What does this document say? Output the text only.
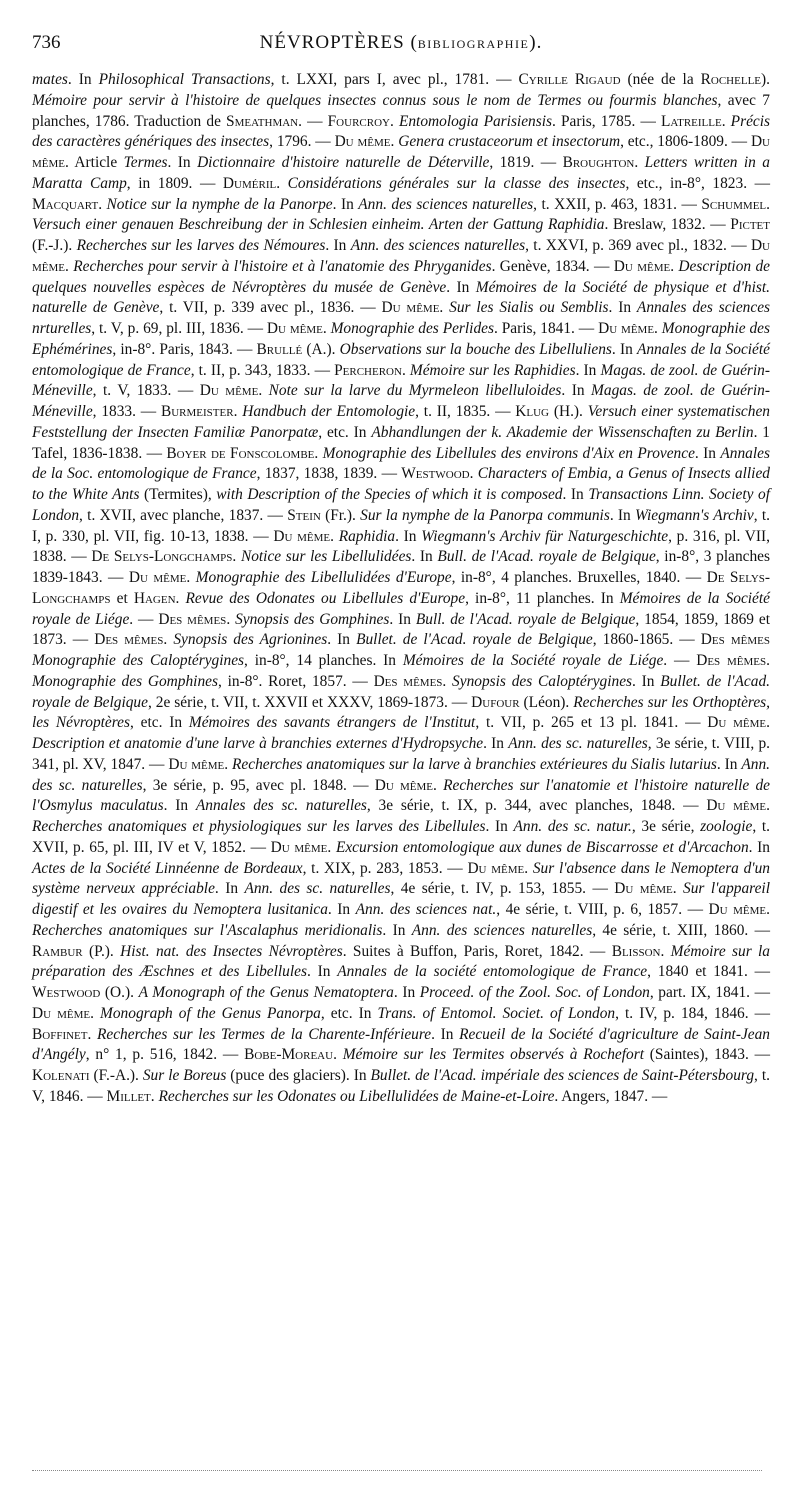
736	NÉVROPTÈRES (BIBLIOGRAPHIE).
mates. In Philosophical Transactions, t. LXXI, pars I, avec pl., 1781. — Cyrille Rigaud (née de la Rochelle). Mémoire pour servir à l'histoire de quelques insectes connus sous le nom de Termes ou fourmis blanches, avec 7 planches, 1786. Traduction de Smeathman. — Fourcroy. Entomologia Parisiensis. Paris, 1785. — Latreille. Précis des caractères génériques des insectes, 1796. — Du même. Genera crustaceorum et insectorum, etc., 1806-1809. — Du même. Article Termes. In Dictionnaire d'histoire naturelle de Déterville, 1819. — Broughton. Letters written in a Maratta Camp, in 1809. — Duméril. Considérations générales sur la classe des insectes, etc., in-8°, 1823. — Macquart. Notice sur la nymphe de la Panorpe. In Ann. des sciences naturelles, t. XXII, p. 463, 1831. — Schummel. Versuch einer genauen Beschreibung der in Schlesien einheim. Arten der Gattung Raphidia. Breslaw, 1832. — Pictet (F.-J.). Recherches sur les larves des Némoures. In Ann. des sciences naturelles, t. XXVI, p. 369 avec pl., 1832. — Du même. Recherches pour servir à l'histoire et à l'anatomie des Phryganides. Genève, 1834. — Du même. Description de quelques nouvelles espèces de Névroptères du musée de Genève. In Mémoires de la Société de physique et d'hist. naturelle de Genève, t. VII, p. 339 avec pl., 1836. — Du même. Sur les Sialis ou Semblis. In Annales des sciences nrturelles, t. V, p. 69, pl. III, 1836. — Du même. Monographie des Perlides. Paris, 1841. — Du même. Monographie des Ephémérines, in-8°. Paris, 1843. — Brullé (A.). Observations sur la bouche des Libelluliens. In Annales de la Société entomologique de France, t. II, p. 343, 1833. — Percheron. Mémoire sur les Raphidies. In Magas. de zool. de Guérin-Méneville, t. V, 1833. — Du même. Note sur la larve du Myrmeleon libelluloides. In Magas. de zool. de Guérin-Méneville, 1833. — Burmeister. Handbuch der Entomologie, t. II, 1835. — Klug (H.). Versuch einer systematischen Feststellung der Insecten Familiæ Panorpatæ, etc. In Abhandlungen der k. Akademie der Wissenschaften zu Berlin. 1 Tafel, 1836-1838. — Boyer de Fonscolombe. Monographie des Libellules des environs d'Aix en Provence. In Annales de la Soc. entomologique de France, 1837, 1838, 1839. — Westwood. Characters of Embia, a Genus of Insects allied to the White Ants (Termites), with Description of the Species of which it is composed. In Transactions Linn. Society of London, t. XVII, avec planche, 1837. — Stein (Fr.). Sur la nymphe de la Panorpa communis. In Wiegmann's Archiv, t. I, p. 330, pl. VII, fig. 10-13, 1838. — Du même. Raphidia. In Wiegmann's Archiv für Naturgeschichte, p. 316, pl. VII, 1838. — De Selys-Longchamps. Notice sur les Libellulidées. In Bull. de l'Acad. royale de Belgique, in-8°, 3 planches 1839-1843. — Du même. Monographie des Libellulidées d'Europe, in-8°, 4 planches. Bruxelles, 1840. — De Selys-Longchamps et Hagen. Revue des Odonates ou Libellules d'Europe, in-8°, 11 planches. In Mémoires de la Société royale de Liége. — Des mêmes. Synopsis des Gomphines. In Bull. de l'Acad. royale de Belgique, 1854, 1859, 1869 et 1873. — Des mêmes. Synopsis des Agrionines. In Bullet. de l'Acad. royale de Belgique, 1860-1865. — Des mêmes Monographie des Caloptérygines, in-8°, 14 planches. In Mémoires de la Société royale de Liége. — Des mêmes. Monographie des Gomphines, in-8°. Roret, 1857. — Des mêmes. Synopsis des Caloptérygines. In Bullet. de l'Acad. royale de Belgique, 2e série, t. VII, t. XXVII et XXXV, 1869-1873. — Dufour (Léon). Recherches sur les Orthoptères, les Névroptères, etc. In Mémoires des savants étrangers de l'Institut, t. VII, p. 265 et 13 pl. 1841. — Du même. Description et anatomie d'une larve à branchies externes d'Hydropsyche. In Ann. des sc. naturelles, 3e série, t. VIII, p. 341, pl. XV, 1847. — Du même. Recherches anatomiques sur la larve à branchies extérieures du Sialis lutarius. In Ann. des sc. naturelles, 3e série, p. 95, avec pl. 1848. — Du même. Recherches sur l'anatomie et l'histoire naturelle de l'Osmylus maculatus. In Annales des sc. naturelles, 3e série, t. IX, p. 344, avec planches, 1848. — Du même. Recherches anatomiques et physiologiques sur les larves des Libellules. In Ann. des sc. natur., 3e série, zoologie, t. XVII, p. 65, pl. III, IV et V, 1852. — Du même. Excursion entomologique aux dunes de Biscarrosse et d'Arcachon. In Actes de la Société Linnéenne de Bordeaux, t. XIX, p. 283, 1853. — Du même. Sur l'absence dans le Nemoptera d'un système nerveux appréciable. In Ann. des sc. naturelles, 4e série, t. IV, p. 153, 1855. — Du même. Sur l'appareil digestif et les ovaires du Nemoptera lusitanica. In Ann. des sciences nat., 4e série, t. VIII, p. 6, 1857. — Du même. Recherches anatomiques sur l'Ascalaphus meridionalis. In Ann. des sciences naturelles, 4e série, t. XIII, 1860. — Rambur (P.). Hist. nat. des Insectes Névroptères. Suites à Buffon, Paris, Roret, 1842. — Blisson. Mémoire sur la préparation des Æschnes et des Libellules. In Annales de la société entomologique de France, 1840 et 1841. — Westwood (O.). A Monograph of the Genus Nematoptera. In Proceed. of the Zool. Soc. of London, part. IX, 1841. — Du même. Monograph of the Genus Panorpa, etc. In Trans. of Entomol. Societ. of London, t. IV, p. 184, 1846. — Boffinet. Recherches sur les Termes de la Charente-Inférieure. In Recueil de la Société d'agriculture de Saint-Jean d'Angély, n° 1, p. 516, 1842. — Bobe-Moreau. Mémoire sur les Termites observés à Rochefort (Saintes), 1843. — Kolenati (F.-A.). Sur le Boreus (puce des glaciers). In Bullet. de l'Acad. impériale des sciences de Saint-Pétersbourg, t. V, 1846. — Millet. Recherches sur les Odonates ou Libellulidées de Maine-et-Loire. Angers, 1847. —
